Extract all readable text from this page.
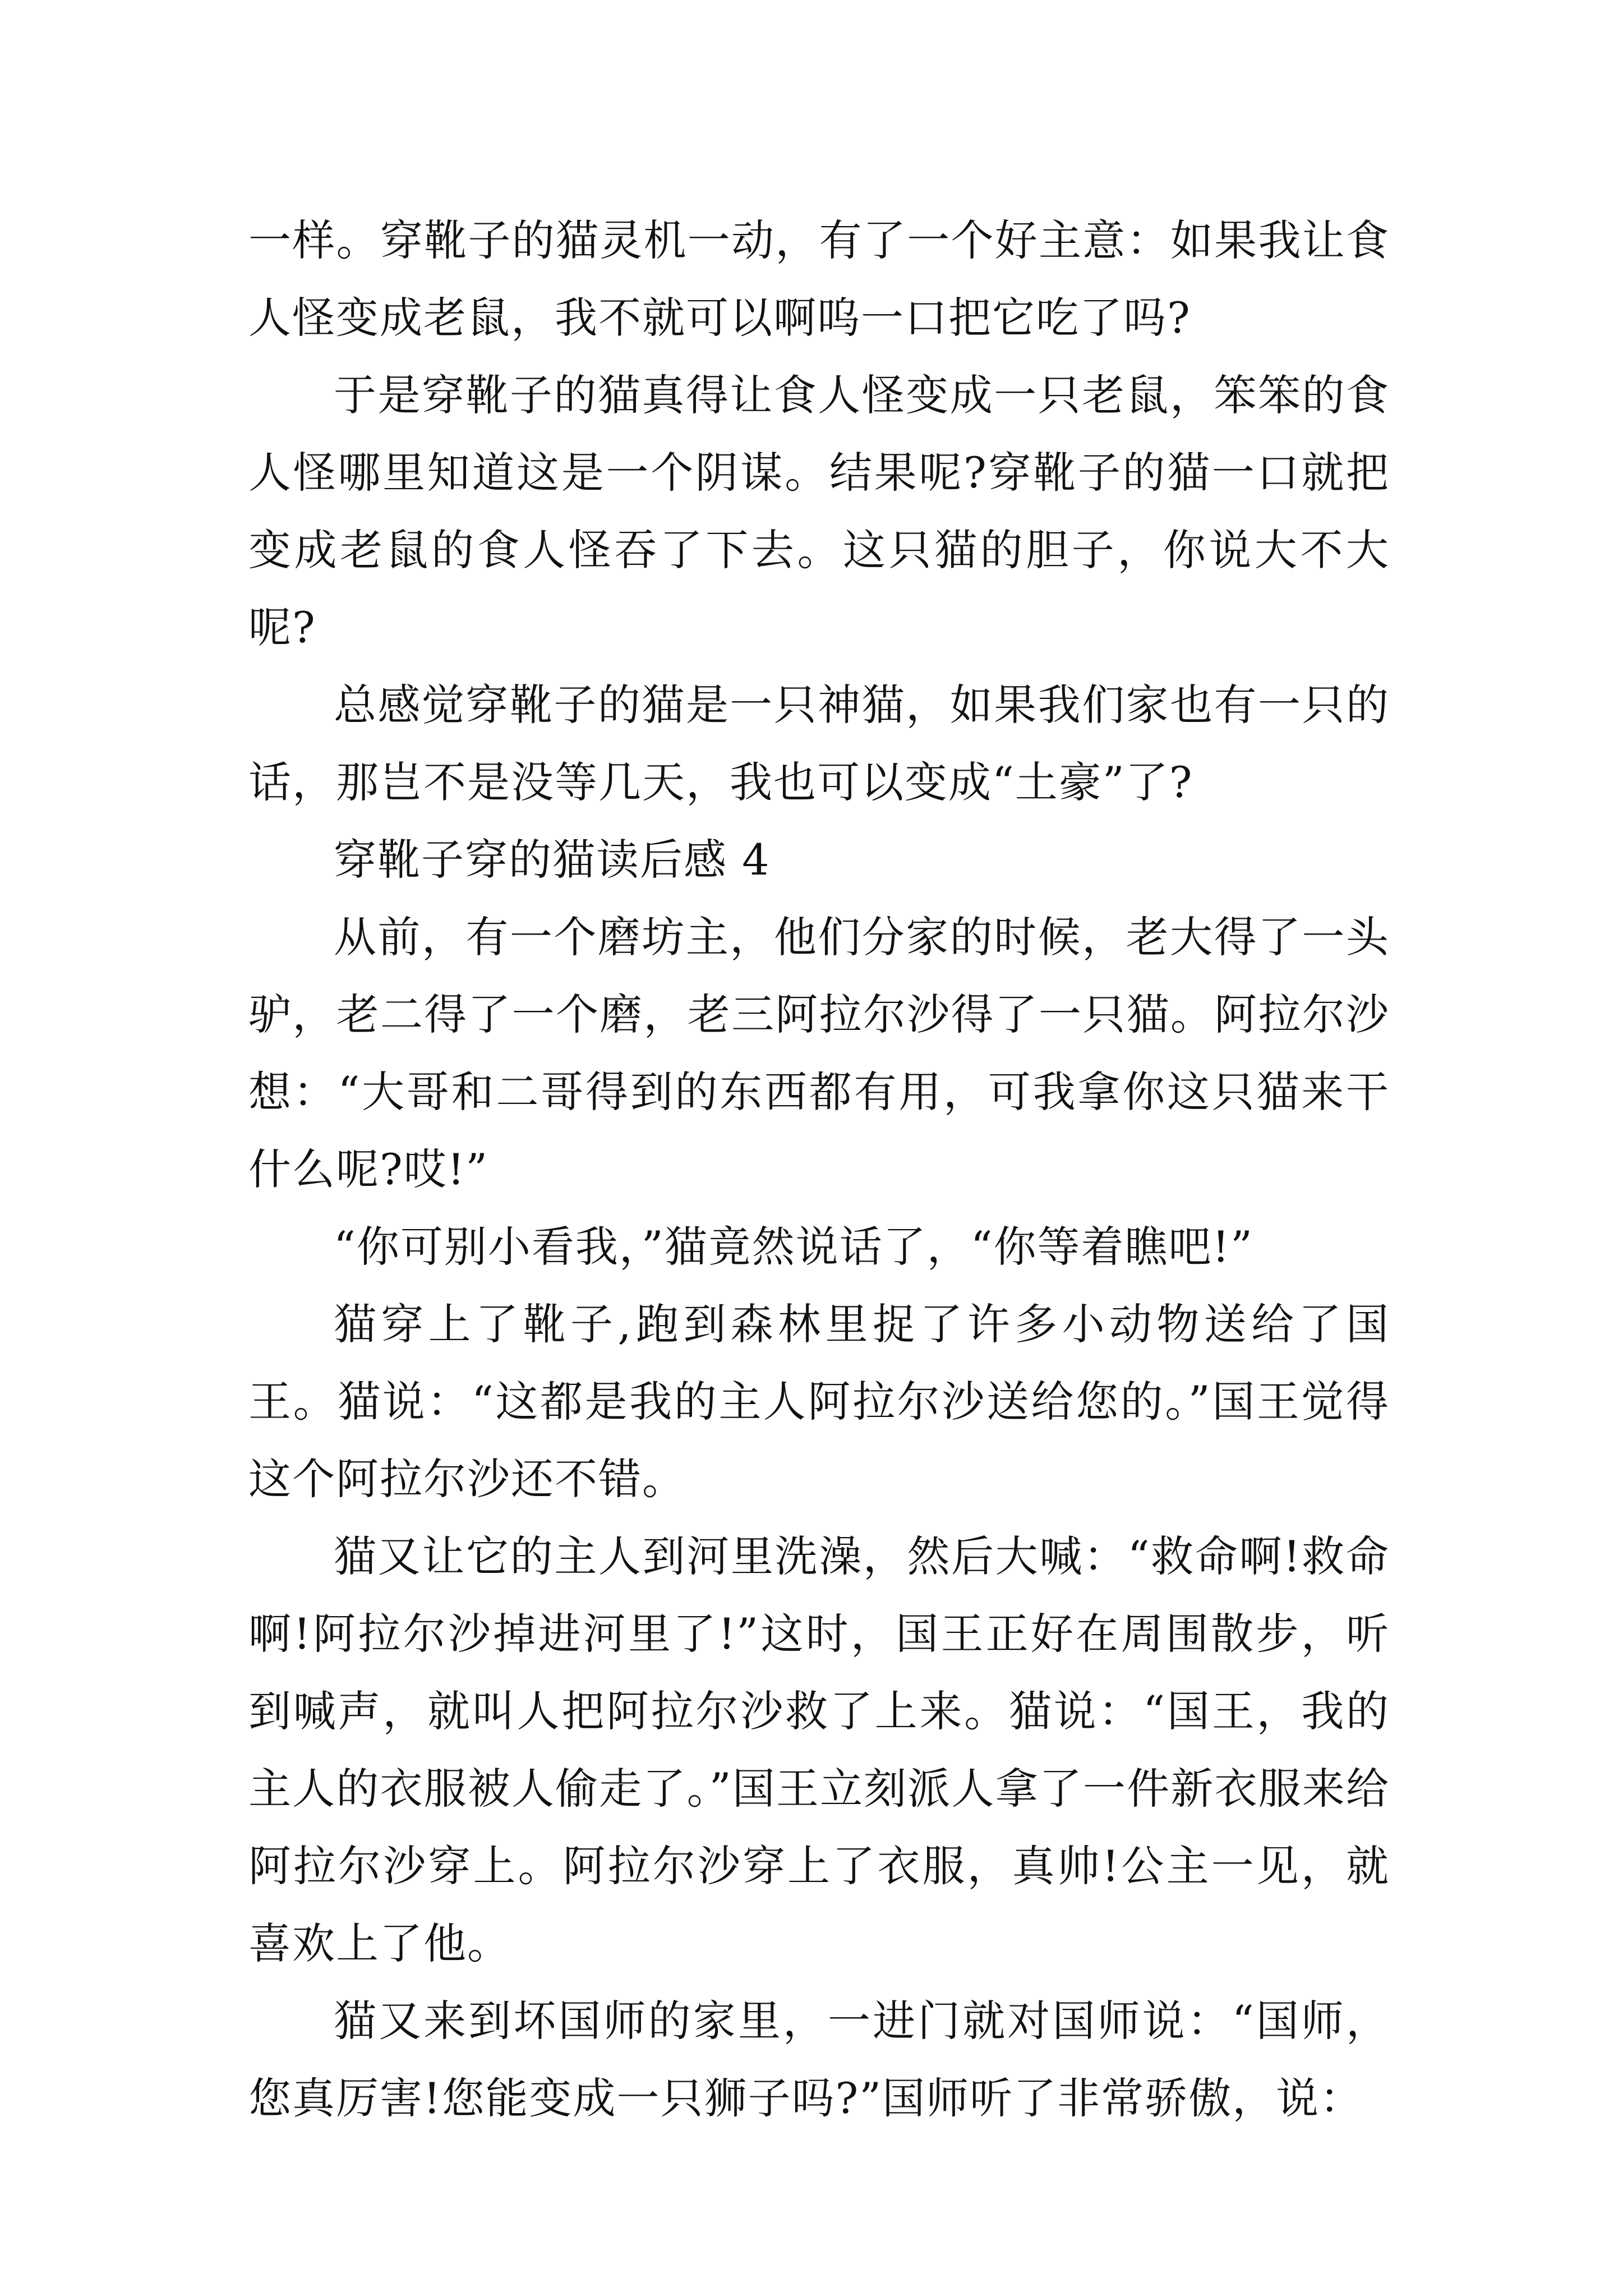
一样。穿靴子的猫灵机一动，有了一个好主意：如果我让食人怪变成老鼠，我不就可以啊呜一口把它吃了吗?

于是穿靴子的猫真得让食人怪变成一只老鼠，笨笨的食人怪哪里知道这是一个阴谋。结果呢?穿靴子的猫一口就把变成老鼠的食人怪吞了下去。这只猫的胆子，你说大不大呢?

总感觉穿靴子的猫是一只神猫，如果我们家也有一只的话，那岂不是没等几天，我也可以变成“土豪”了?

穿靴子穿的猫读后感 4

从前，有一个磨坊主，他们分家的时候，老大得了一头驴，老二得了一个磨，老三阿拉尔沙得了一只猫。阿拉尔沙想：“大哥和二哥得到的东西都有用，可我拿你这只猫来干什么呢?哎!”

“你可别小看我，”猫竟然说话了，“你等着瞧吧!”

猫穿上了靴子,跑到森林里捉了许多小动物送给了国王。猫说：“这都是我的主人阿拉尔沙送给您的。”国王觉得这个阿拉尔沙还不错。

猫又让它的主人到河里洗澡，然后大喊：“救命啊!救命啊!阿拉尔沙掉进河里了!”这时，国王正好在周围散步，听到喊声，就叫人把阿拉尔沙救了上来。猫说：“国王，我的主人的衣服被人偷走了。”国王立刻派人拿了一件新衣服来给阿拉尔沙穿上。阿拉尔沙穿上了衣服，真帅!公主一见，就喜欢上了他。

猫又来到坏国师的家里，一进门就对国师说：“国师，您真厉害!您能变成一只狮子吗?”国师听了非常骄傲，说：
